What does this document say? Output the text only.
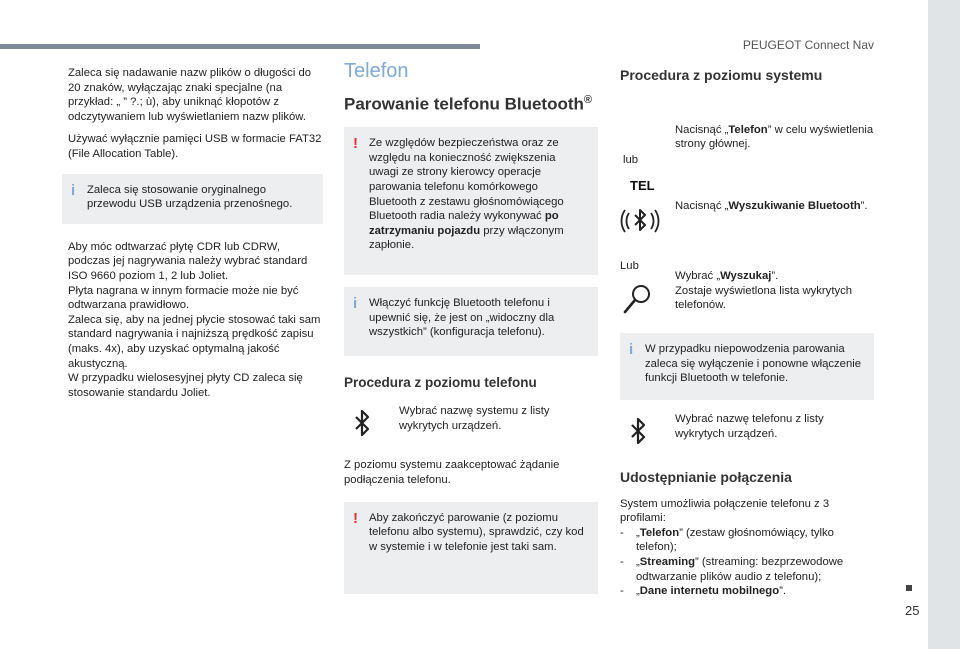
PEUGEOT Connect Nav
25

Zaleca się nadawanie nazw plików o długości do 20 znaków, wyłączając znaki specjalne (na przykład: „ ” ?.; ù), aby uniknąć kłopotów z odczytywaniem lub wyświetlaniem nazw plików.

Używać wyłącznie pamięci USB w formacie FAT32 (File Allocation Table).

i Zaleca się stosowanie oryginalnego przewodu USB urządzenia przenośnego.
Aby móc odtwarzać płytę CDR lub CDRW, podczas jej nagrywania należy wybrać standard ISO 9660 poziom 1, 2 lub Joliet.
Płyta nagrana w innym formacie może nie być odtwarzana prawidłowo.
Zaleca się, aby na jednej płycie stosować taki sam standard nagrywania i najniższą prędkość zapisu (maks. 4x), aby uzyskać optymalną jakość akustyczną.
W przypadku wielosesyjnej płyty CD zaleca się stosowanie standardu Joliet.
Telefon
Parowanie telefonu Bluetooth®
! Ze względów bezpieczeństwa oraz ze względu na konieczność zwiększenia uwagi ze strony kierowcy operacje parowania telefonu komórkowego Bluetooth z zestawu głośnomówiącego Bluetooth radia należy wykonywać po zatrzymaniu pojazdu przy włączonym zapłonie.
i Włączyć funkcję Bluetooth telefonu i upewnić się, że jest on „widoczny dla wszystkich” (konfiguracja telefonu).
Procedura z poziomu telefonu
Wybrać nazwę systemu z listy wykrytych urządzeń.

Z poziomu systemu zaakceptować żądanie podłączenia telefonu.

! Aby zakończyć parowanie (z poziomu telefonu albo systemu), sprawdzić, czy kod w systemie i w telefonie jest taki sam.
Procedura z poziomu systemu
lub
Nacisnąć „Telefon” w celu wyświetlenia strony głównej.
TEL
Nacisnąć „Wyszukiwanie Bluetooth”.
Lub
Wybrać „Wyszukaj”.
Zostaje wyświetlona lista wykrytych telefonów.
i W przypadku niepowodzenia parowania zaleca się wyłączenie i ponowne włączenie funkcji Bluetooth w telefonie.
Wybrać nazwę telefonu z listy wykrytych urządzeń.
Udostępnianie połączenia

System umożliwia połączenie telefonu z 3 profilami:

- „Telefon” (zestaw głośnomówiący, tylko telefon);
- „Streaming” (streaming: bezprzewodowe odtwarzanie plików audio z telefonu);
- „Dane internetu mobilnego”.
